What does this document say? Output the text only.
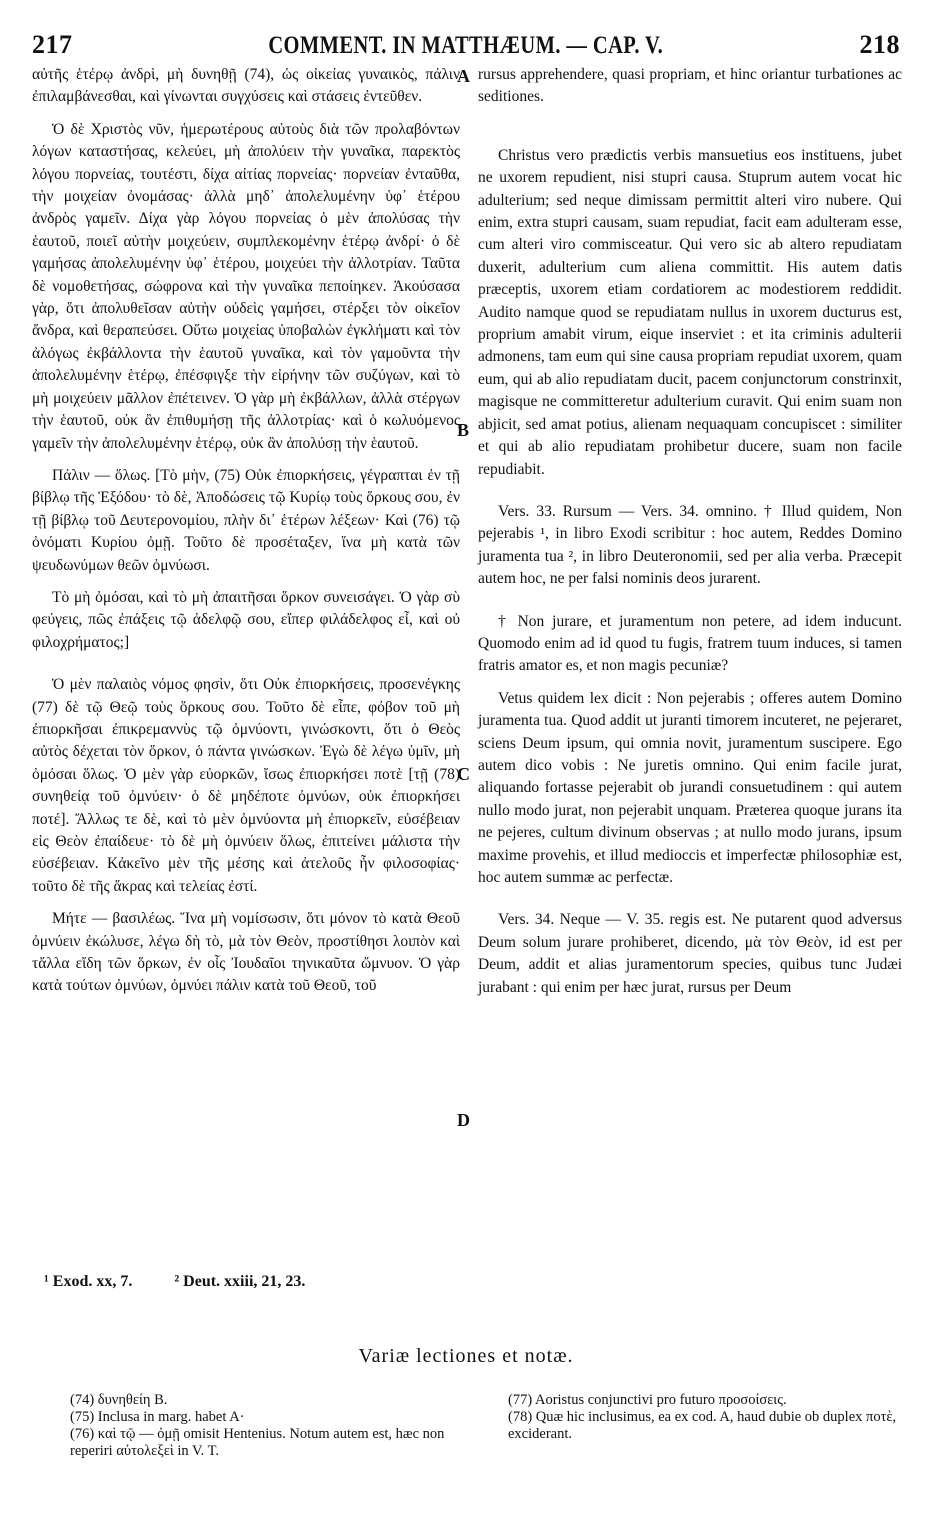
217	COMMENT. IN MATTHÆUM. — CAP. V.	218

αὐτῆς ἑτέρῳ ἀνδρὶ, μὴ δυνηθῇ (74), ὡς οἰκείας γυναικὸς, πάλιν ἐπιλαμβάνεσθαι, καὶ γίνωνται συγχύσεις καὶ στάσεις ἐντεῦθεν.

Ὁ δὲ Χριστὸς νῦν, ἡμερωτέρους αὐτοὺς διὰ τῶν προλαβόντων λόγων καταστήσας, κελεύει, μὴ ἀπολύειν τὴν γυναῖκα, παρεκτὸς λόγου πορνείας, τουτέστι, δίχα αἰτίας πορνείας· πορνείαν ἐνταῦθα, τὴν μοιχείαν ὀνομάσας· ἀλλὰ μηδ᾽ ἀπολελυμένην ὑφ᾽ ἑτέρου ἀνδρὸς γαμεῖν. Δίχα γὰρ λόγου πορνείας ὁ μὲν ἀπολύσας τὴν ἑαυτοῦ, ποιεῖ αὐτὴν μοιχεύειν, συμπλεκομένην ἑτέρῳ ἀνδρί· ὁ δὲ γαμήσας ἀπολελυμένην ὑφ᾽ ἑτέρου, μοιχεύει τὴν ἀλλοτρίαν. Ταῦτα δὲ νομοθετήσας, σώφρονα καὶ τὴν γυναῖκα πεποίηκεν. Ἀκούσασα γὰρ, ὅτι ἀπολυθεῖσαν αὐτὴν οὐδεὶς γαμήσει, στέρξει τὸν οἰκεῖον ἄνδρα, καὶ θεραπεύσει. Οὕτω μοιχείας ὑποβαλὼν ἐγκλήματι καὶ τὸν ἀλόγως ἐκβάλλοντα τὴν ἑαυτοῦ γυναῖκα, καὶ τὸν γαμοῦντα τὴν ἀπολελυμένην ἑτέρῳ, ἐπέσφιγξε τὴν εἰρήνην τῶν συζύγων, καὶ τὸ μὴ μοιχεύειν μᾶλλον ἐπέτεινεν. Ὁ γὰρ μὴ ἐκβάλλων, ἀλλὰ στέργων τὴν ἑαυτοῦ, οὐκ ἂν ἐπιθυμήσῃ τῆς ἀλλοτρίας· καὶ ὁ κωλυόμενος γαμεῖν τὴν ἀπολελυμένην ἑτέρῳ, οὐκ ἂν ἀπολύσῃ τὴν ἑαυτοῦ.

Πάλιν — ὅλως. [Τὸ μὴν, (75) Οὐκ ἐπιορκήσεις, γέγραπται ἐν τῇ βίβλῳ τῆς Ἐξόδου· τὸ δὲ, Ἀποδώσεις τῷ Κυρίῳ τοὺς ὅρκους σου, ἐν τῇ βίβλῳ τοῦ Δευτερονομίου, πλὴν δι᾽ ἑτέρων λέξεων· Καὶ (76) τῷ ὀνόματι Κυρίου ὀμῇ. Τοῦτο δὲ προσέταξεν, ἵνα μὴ κατὰ τῶν ψευδωνύμων θεῶν ὀμνύωσι.

Τὸ μὴ ὀμόσαι, καὶ τὸ μὴ ἀπαιτῆσαι ὅρκον συνεισάγει. Ὁ γὰρ σὺ φεύγεις, πῶς ἐπάξεις τῷ ἀδελφῷ σου, εἴπερ φιλάδελφος εἶ, καὶ οὐ φιλοχρήματος;]

Ὁ μὲν παλαιὸς νόμος φησὶν, ὅτι Οὐκ ἐπιορκήσεις, προσενέγκης (77) δὲ τῷ Θεῷ τοὺς ὅρκους σου. Τοῦτο δὲ εἶπε, φόβον τοῦ μὴ ἐπιορκῆσαι ἐπικρεμαννὺς τῷ ὀμνύοντι, γινώσκοντι, ὅτι ὁ Θεὸς αὐτὸς δέχεται τὸν ὅρκον, ὁ πάντα γινώσκων. Ἐγὼ δὲ λέγω ὑμῖν, μὴ ὀμόσαι ὅλως. Ὁ μὲν γὰρ εὐορκῶν, ἴσως ἐπιορκήσει ποτὲ [τῇ (78) συνηθείᾳ τοῦ ὀμνύειν· ὁ δὲ μηδέποτε ὀμνύων, οὐκ ἐπιορκήσει ποτέ]. Ἄλλως τε δὲ, καὶ τὸ μὲν ὀμνύοντα μὴ ἐπιορκεῖν, εὐσέβειαν εἰς Θεὸν ἐπαίδευε· τὸ δὲ μὴ ὀμνύειν ὅλως, ἐπιτείνει μάλιστα τὴν εὐσέβειαν. Κἀκεῖνο μὲν τῆς μέσης καὶ ἀτελοῦς ἦν φιλοσοφίας· τοῦτο δὲ τῆς ἄκρας καὶ τελείας ἐστί.

Μήτε — βασιλέως. Ἵνα μὴ νομίσωσιν, ὅτι μόνον τὸ κατὰ Θεοῦ ὀμνύειν ἐκώλυσε, λέγω δὴ τὸ, μὰ τὸν Θεὸν, προστίθησι λοιπὸν καὶ τἄλλα εἴδη τῶν ὅρκων, ἐν οἷς Ἰουδαῖοι τηνικαῦτα ὤμνυον. Ὁ γὰρ κατὰ τούτων ὀμνύων, ὀμνύει πάλιν κατὰ τοῦ Θεοῦ, τοῦ

rursus apprehendere, quasi propriam, et hinc oriantur turbationes ac seditiones.

Christus vero prædictis verbis mansuetius eos instituens, jubet ne uxorem repudient, nisi stupri causa. Stuprum autem vocat hic adulterium; sed neque dimissam permittit alteri viro nubere. Qui enim, extra stupri causam, suam repudiat, facit eam adulteram esse, cum alteri viro commisceatur. Qui vero sic ab altero repudiatam duxerit, adulterium cum aliena committit. His autem datis præceptis, uxorem etiam cordatiorem ac modestiorem reddidit. Audito namque quod se repudiatam nullus in uxorem ducturus est, proprium amabit virum, eique inserviet : et ita criminis adulterii admonens, tam eum qui sine causa propriam repudiat uxorem, quam eum, qui ab alio repudiatam ducit, pacem conjunctorum constrinxit, magisque ne committeretur adulterium curavit. Qui enim suam non abjicit, sed amat potius, alienam nequaquam concupiscet : similiter et qui ab alio repudiatam prohibetur ducere, suam non facile repudiabit.

Vers. 33. Rursum — Vers. 34. omnino. † Illud quidem, Non pejerabis ¹, in libro Exodi scribitur : hoc autem, Reddes Domino juramenta tua ², in libro Deuteronomii, sed per alia verba. Præcepit autem hoc, ne per falsi nominis deos jurarent.

† Non jurare, et juramentum non petere, ad idem inducunt. Quomodo enim ad id quod tu fugis, fratrem tuum induces, si tamen fratris amator es, et non magis pecuniæ?

Vetus quidem lex dicit : Non pejerabis ; offeres autem Domino juramenta tua. Quod addit ut juranti timorem incuteret, ne pejeraret, sciens Deum ipsum, qui omnia novit, juramentum suscipere. Ego autem dico vobis : Ne juretis omnino. Qui enim facile jurat, aliquando fortasse pejerabit ob jurandi consuetudinem : qui autem nullo modo jurat, non pejerabit unquam. Præterea quoque jurans ita ne pejeres, cultum divinum observas ; at nullo modo jurans, ipsum maxime provehis, et illud medioccis et imperfectæ philosophiæ est, hoc autem summæ ac perfectæ.

Vers. 34. Neque — V. 35. regis est. Ne putarent quod adversus Deum solum jurare prohiberet, dicendo, μὰ τὸν Θεὸν, id est per Deum, addit et alias juramentorum species, quibus tunc Judæi jurabant : qui enim per hæc jurat, rursus per Deum

A
B
C
D
¹ Exod. xx, 7.	² Deut. xxiii, 21, 23.
Variæ lectiones et notæ.
(74) δυνηθείη B.
(75) Inclusa in marg. habet A·
(76) καὶ τῷ — ὀμῇ omisit Hentenius. Notum autem est, hæc non reperiri αὐτολεξεὶ in V. T.
(77) Aoristus conjunctivi pro futuro προσοίσεις.
(78) Quæ hic inclusimus, ea ex cod. A, haud dubie ob duplex ποτὲ, exciderant.
